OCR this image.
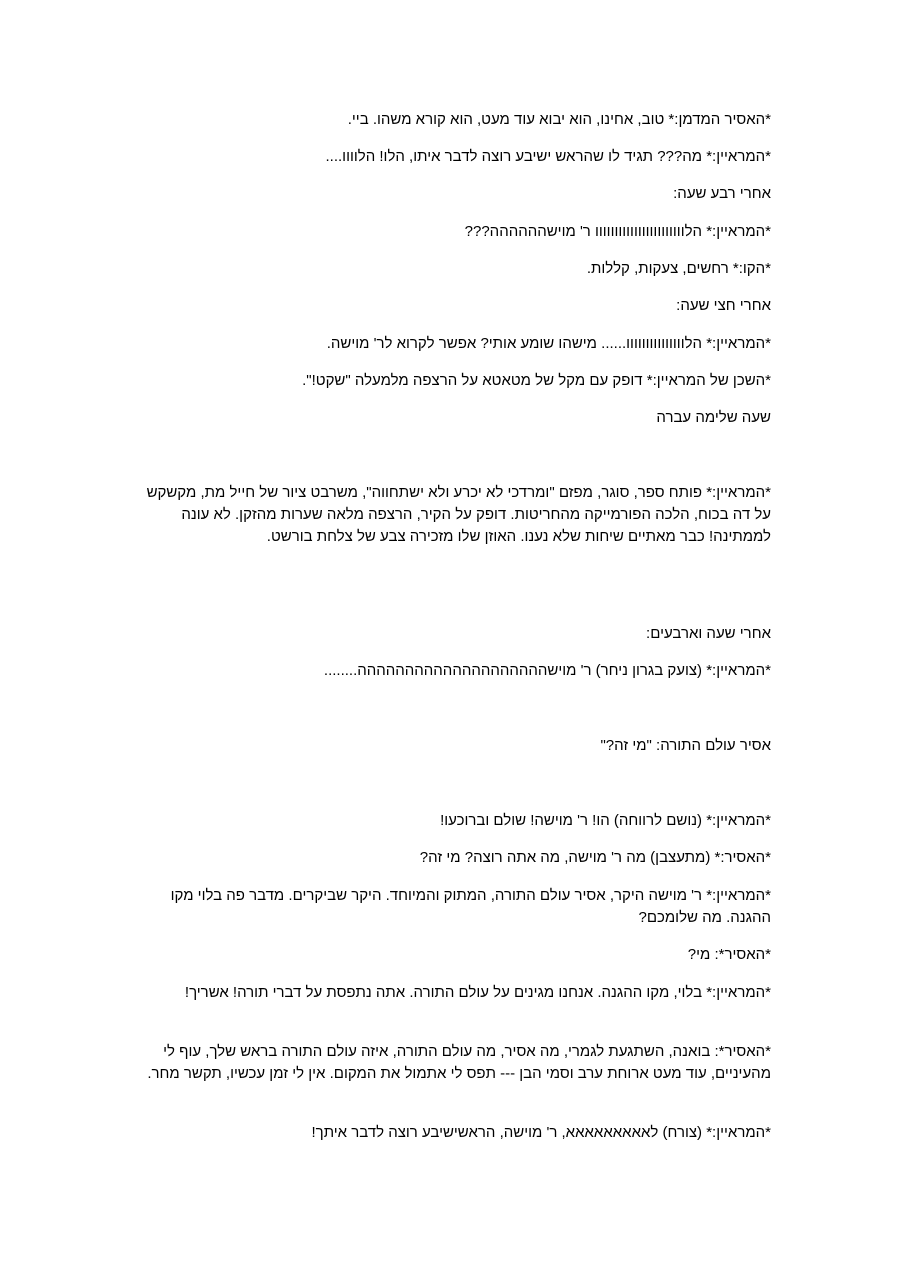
*האסיר המדמן:* טוב, אחינו, הוא יבוא עוד מעט, הוא קורא משהו. ביי.

*המראיין:* מה??? תגיד לו שהראש ישיבע רוצה לדבר איתו, הלו! הלוווו....

אחרי רבע שעה:

*המראיין:* הלווווווווווווווווווווווו ר' מוישהההההה???

*הקו:* רחשים, צעקות, קללות.

אחרי חצי שעה:

*המראיין:* הלווווווווווווווו...... מישהו שומע אותי? אפשר לקרוא לר' מוישה.

*השכן של המראיין:* דופק עם מקל של מטאטא על הרצפה מלמעלה "שקט!".

שעה שלימה עברה

*המראיין:* פותח ספר, סוגר, מפזם "ומרדכי לא יכרע ולא ישתחווה", משרבט ציור של חייל מת, מקשקש על דה בכוח, הלכה הפורמייקה מהחריטות. דופק על הקיר, הרצפה מלאה שערות מהזקן. לא עונה לממתינה! כבר מאתיים שיחות שלא נענו. האוזן שלו מזכירה צבע של צלחת בורשט.

אחרי שעה וארבעים:

*המראיין:* (צועק בגרון ניחר) ר' מוישהההההההההההההההההההה........

אסיר עולם התורה: "מי זה?"

*המראיין:* (נושם לרווחה) הו! ר' מוישה! שולם וברוכעו!

*האסיר:* (מתעצבן) מה ר' מוישה, מה אתה רוצה? מי זה?

*המראיין:* ר' מוישה היקר, אסיר עולם התורה, המתוק והמיוחד. היקר שביקרים. מדבר פה בלוי מקו ההגנה. מה שלומכם?

*האסיר*: מי?

*המראיין:* בלוי, מקו ההגנה. אנחנו מגינים על עולם התורה. אתה נתפסת על דברי תורה! אשריך!

*האסיר*: בואנה, השתגעת לגמרי, מה אסיר, מה עולם התורה, איזה עולם התורה בראש שלך, עוף לי מהעיניים, עוד מעט ארוחת ערב וסמי הבן --- תפס לי אתמול את המקום. אין לי זמן עכשיו, תקשר מחר.

*המראיין:* (צורח) לאאאאאאאאא, ר' מוישה, הראשישיבע רוצה לדבר איתך!
